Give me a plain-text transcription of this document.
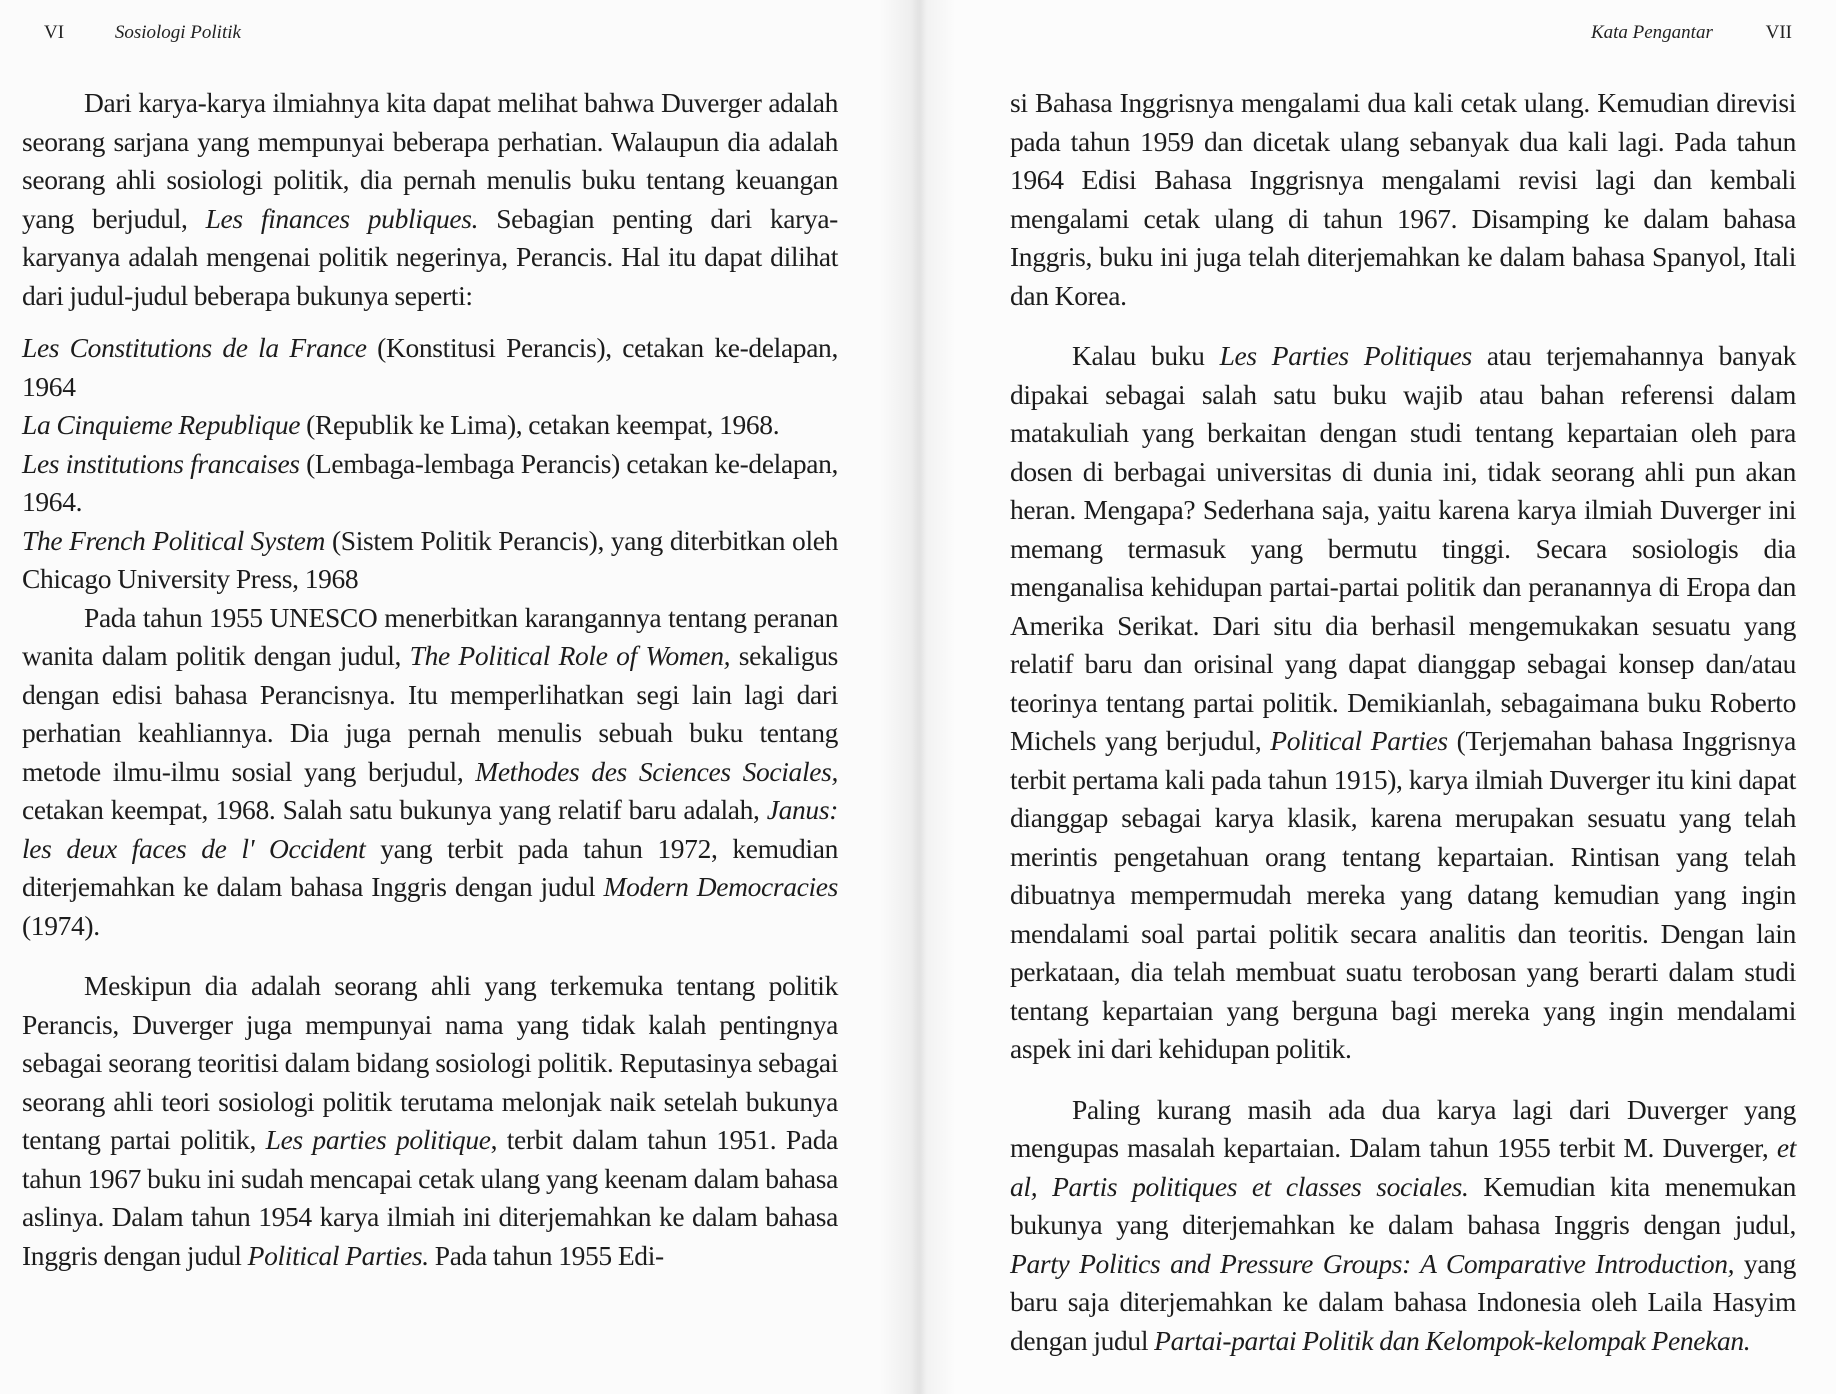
VI	Sosiologi Politik

Dari karya-karya ilmiahnya kita dapat melihat bahwa Duverger adalah seorang sarjana yang mempunyai beberapa perhatian. Walaupun dia adalah seorang ahli sosiologi politik, dia pernah menulis buku tentang keuangan yang berjudul, Les finances publiques. Sebagian penting dari karya-karyanya adalah mengenai politik negerinya, Perancis. Hal itu dapat dilihat dari judul-judul beberapa bukunya seperti:

Les Constitutions de la France (Konstitusi Perancis), cetakan ke-delapan, 1964

La Cinquieme Republique (Republik ke Lima), cetakan keempat, 1968.

Les institutions francaises (Lembaga-lembaga Perancis) cetakan ke-delapan, 1964.

The French Political System (Sistem Politik Perancis), yang diterbitkan oleh Chicago University Press, 1968

Pada tahun 1955 UNESCO menerbitkan karangannya tentang peranan wanita dalam politik dengan judul, The Political Role of Women, sekaligus dengan edisi bahasa Perancisnya. Itu memperlihatkan segi lain lagi dari perhatian keahliannya. Dia juga pernah menulis sebuah buku tentang metode ilmu-ilmu sosial yang berjudul, Methodes des Sciences Sociales, cetakan keempat, 1968. Salah satu bukunya yang relatif baru adalah, Janus: les deux faces de l' Occident yang terbit pada tahun 1972, kemudian diterjemahkan ke dalam bahasa Inggris dengan judul Modern Democracies (1974).

Meskipun dia adalah seorang ahli yang terkemuka tentang politik Perancis, Duverger juga mempunyai nama yang tidak kalah pentingnya sebagai seorang teoritisi dalam bidang sosiologi politik. Reputasinya sebagai seorang ahli teori sosiologi politik terutama melonjak naik setelah bukunya tentang partai politik, Les parties politique, terbit dalam tahun 1951. Pada tahun 1967 buku ini sudah mencapai cetak ulang yang keenam dalam bahasa aslinya. Dalam tahun 1954 karya ilmiah ini diterjemahkan ke dalam bahasa Inggris dengan judul Political Parties. Pada tahun 1955 Edi-

Kata Pengantar	VII

si Bahasa Inggrisnya mengalami dua kali cetak ulang. Kemudian direvisi pada tahun 1959 dan dicetak ulang sebanyak dua kali lagi. Pada tahun 1964 Edisi Bahasa Inggrisnya mengalami revisi lagi dan kembali mengalami cetak ulang di tahun 1967. Disamping ke dalam bahasa Inggris, buku ini juga telah diterjemahkan ke dalam bahasa Spanyol, Itali dan Korea.

Kalau buku Les Parties Politiques atau terjemahannya banyak dipakai sebagai salah satu buku wajib atau bahan referensi dalam matakuliah yang berkaitan dengan studi tentang kepartaian oleh para dosen di berbagai universitas di dunia ini, tidak seorang ahli pun akan heran. Mengapa? Sederhana saja, yaitu karena karya ilmiah Duverger ini memang termasuk yang bermutu tinggi. Secara sosiologis dia menganalisa kehidupan partai-partai politik dan peranannya di Eropa dan Amerika Serikat. Dari situ dia berhasil mengemukakan sesuatu yang relatif baru dan orisinal yang dapat dianggap sebagai konsep dan/atau teorinya tentang partai politik. Demikianlah, sebagaimana buku Roberto Michels yang berjudul, Political Parties (Terjemahan bahasa Inggrisnya terbit pertama kali pada tahun 1915), karya ilmiah Duverger itu kini dapat dianggap sebagai karya klasik, karena merupakan sesuatu yang telah merintis pengetahuan orang tentang kepartaian. Rintisan yang telah dibuatnya mempermudah mereka yang datang kemudian yang ingin mendalami soal partai politik secara analitis dan teoritis. Dengan lain perkataan, dia telah membuat suatu terobosan yang berarti dalam studi tentang kepartaian yang berguna bagi mereka yang ingin mendalami aspek ini dari kehidupan politik.

Paling kurang masih ada dua karya lagi dari Duverger yang mengupas masalah kepartaian. Dalam tahun 1955 terbit M. Duverger, et al, Partis politiques et classes sociales. Kemudian kita menemukan bukunya yang diterjemahkan ke dalam bahasa Inggris dengan judul, Party Politics and Pressure Groups: A Comparative Introduction, yang baru saja diterjemahkan ke dalam bahasa Indonesia oleh Laila Hasyim dengan judul Partai-partai Politik dan Kelompok-kelompak Penekan.
